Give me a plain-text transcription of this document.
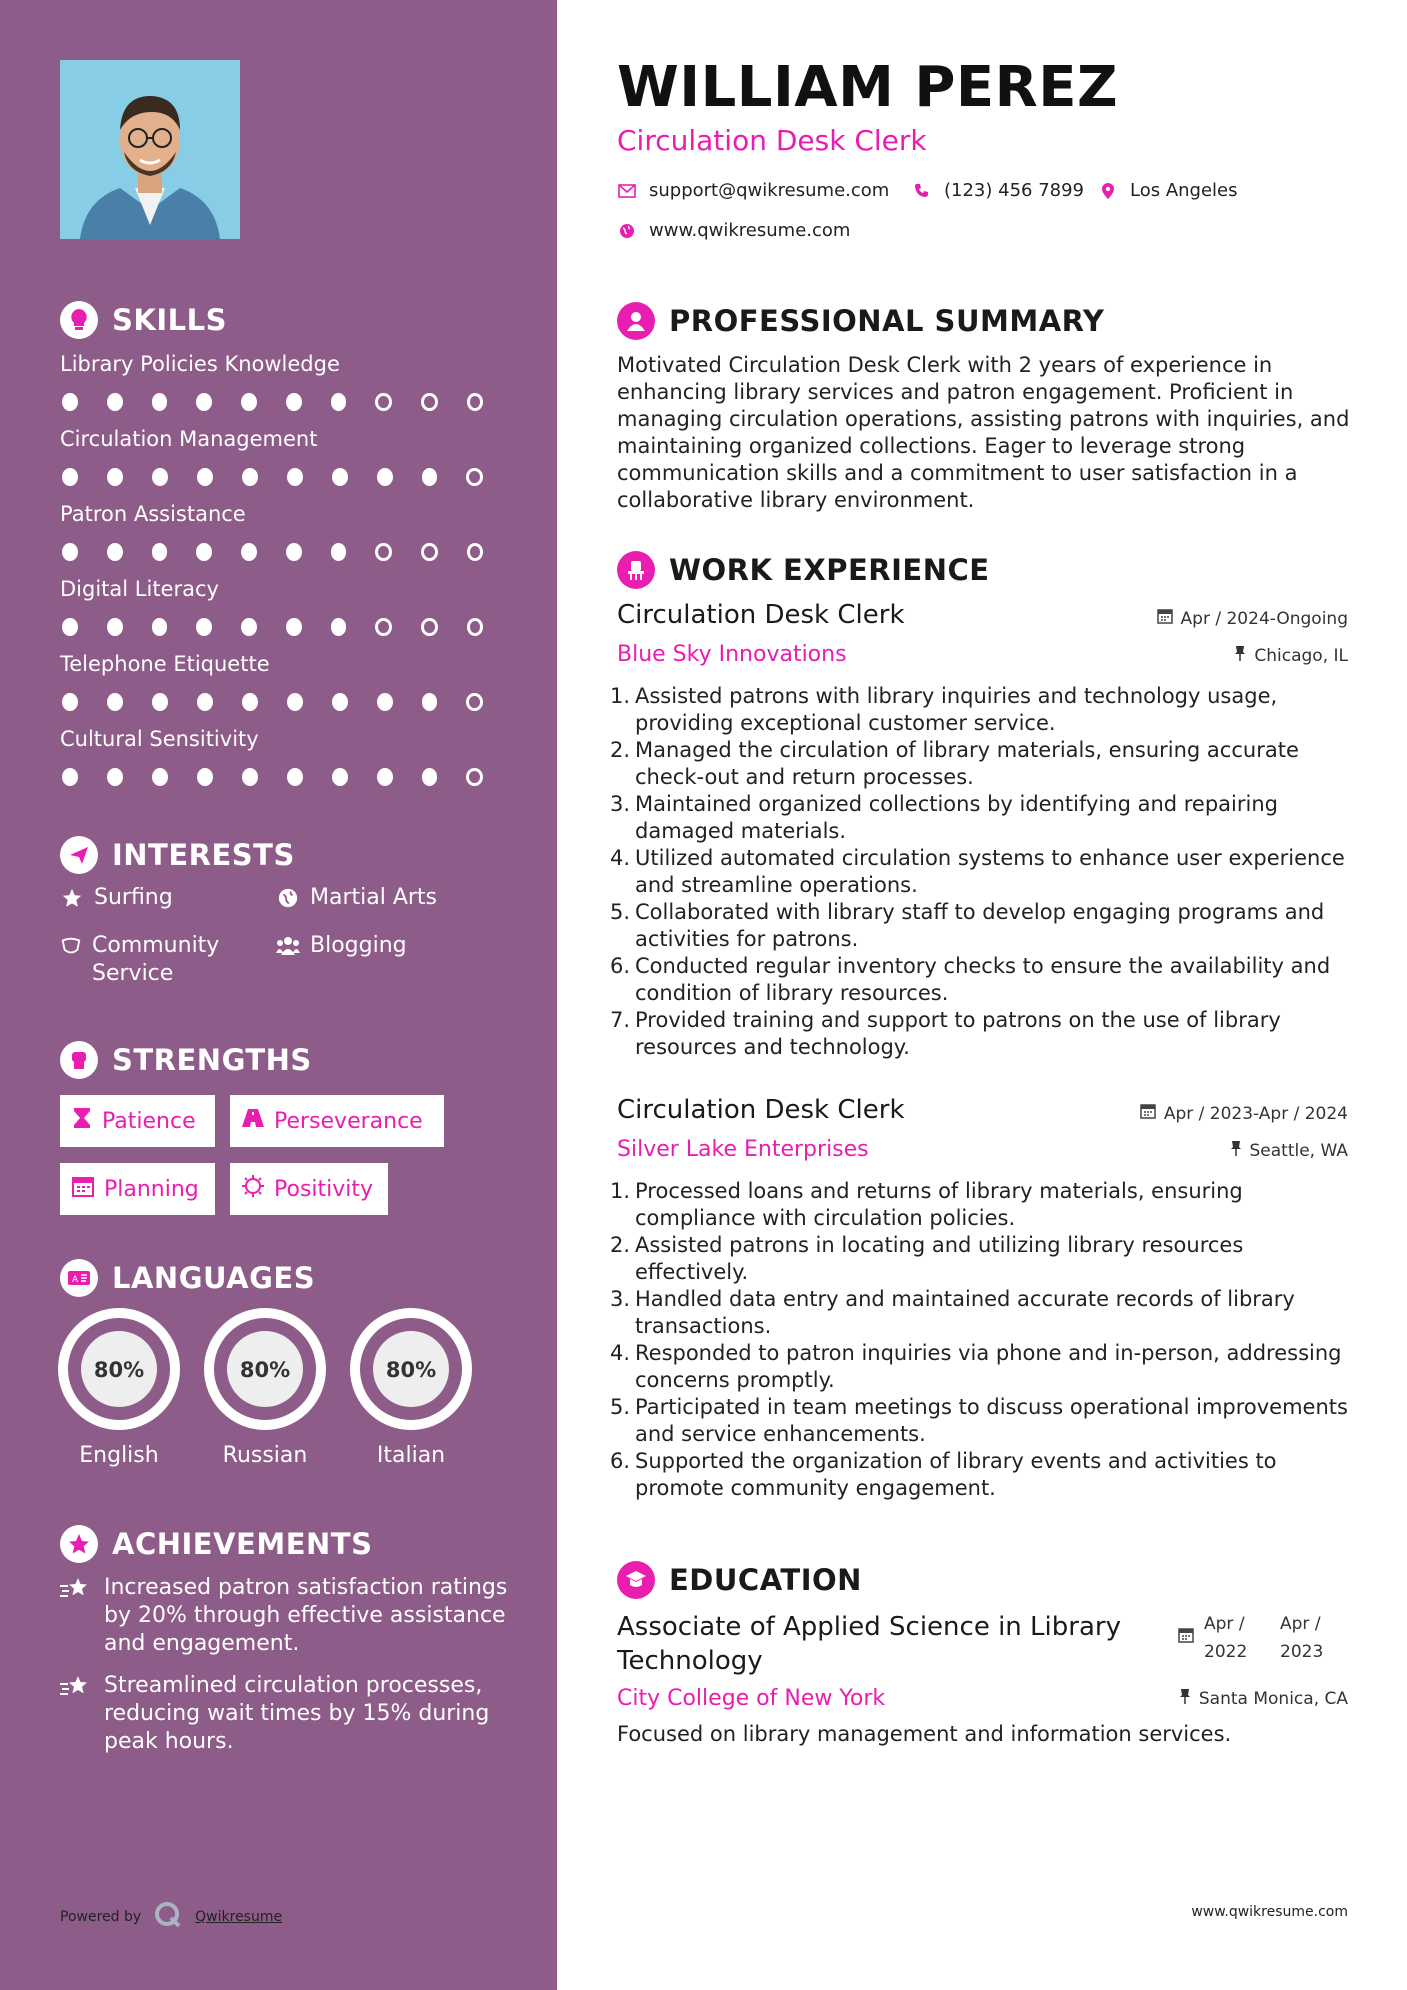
SKILLS
Library Policies Knowledge
Circulation Management
Patron Assistance
Digital Literacy
Telephone Etiquette
Cultural Sensitivity
INTERESTS
Surfing	Martial Arts
Community Service
Blogging
STRENGTHS
Patience	Perseverance
Planning	Positivity
A LANGUAGES
80%
English
80%
Russian
80%
Italian
ACHIEVEMENTS
Increased patron satisfaction ratings by 20% through effective assistance and engagement.
Streamlined circulation processes, reducing wait times by 15% during peak hours.
Powered by	Qwikresume
WILLIAM PEREZ
Circulation Desk Clerk
support@qwikresume.com	(123) 456 7899	Los Angeles
www.qwikresume.com
PROFESSIONAL SUMMARY
Motivated Circulation Desk Clerk with 2 years of experience in enhancing library services and patron engagement. Proficient in managing circulation operations, assisting patrons with inquiries, and maintaining organized collections. Eager to leverage strong communication skills and a commitment to user satisfaction in a collaborative library environment.
WORK EXPERIENCE
Circulation Desk Clerk	Apr / 2024-Ongoing
Blue Sky Innovations	Chicago, IL
1. Assisted patrons with library inquiries and technology usage, providing exceptional customer service.
2. Managed the circulation of library materials, ensuring accurate check-out and return processes.
3. Maintained organized collections by identifying and repairing damaged materials.
4. Utilized automated circulation systems to enhance user experience and streamline operations.
5. Collaborated with library staff to develop engaging programs and activities for patrons.
6. Conducted regular inventory checks to ensure the availability and condition of library resources.
7. Provided training and support to patrons on the use of library resources and technology.
Circulation Desk Clerk	Apr / 2023-Apr / 2024
Silver Lake Enterprises	Seattle, WA
1. Processed loans and returns of library materials, ensuring compliance with circulation policies.
2. Assisted patrons in locating and utilizing library resources effectively.
3. Handled data entry and maintained accurate records of library transactions.
4. Responded to patron inquiries via phone and in-person, addressing concerns promptly.
5. Participated in team meetings to discuss operational improvements and service enhancements.
6. Supported the organization of library events and activities to promote community engagement.
EDUCATION
Associate of Applied Science in Library Technology
Apr / 2022
Apr / 2023
City College of New York	Santa Monica, CA
Focused on library management and information services.
www.qwikresume.com
